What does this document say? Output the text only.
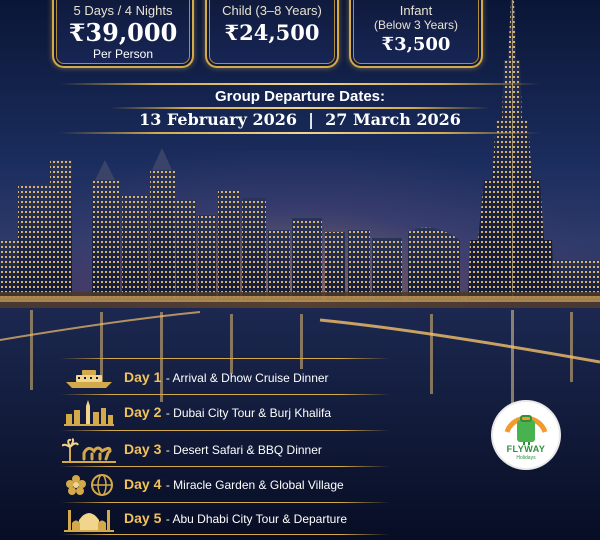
5 Days / 4 Nights
₹39,000
Per Person
Child (3–8 Years)
₹24,500
Infant
(Below 3 Years)
₹3,500
Group Departure Dates:
13 February 2026  |  27 March 2026
Day 1 - Arrival & Dhow Cruise Dinner
Day 2 - Dubai City Tour & Burj Khalifa
Day 3 - Desert Safari & BBQ Dinner
Day 4 - Miracle Garden & Global Village
Day 5 - Abu Dhabi City Tour & Departure
FLYWAY
Holidays
